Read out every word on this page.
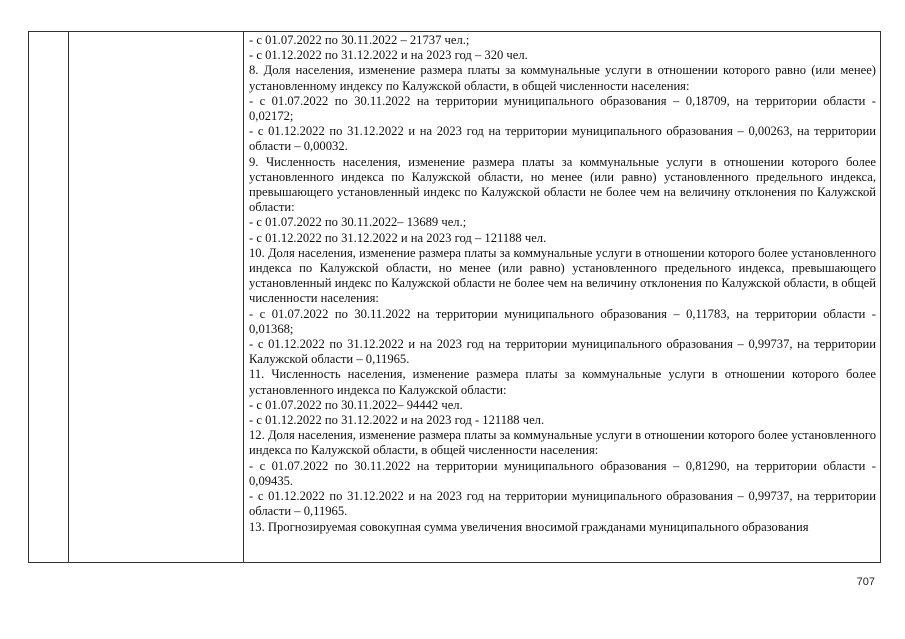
- с 01.07.2022 по 30.11.2022 – 21737 чел.;

- с 01.12.2022 по 31.12.2022 и на 2023 год – 320 чел.

8. Доля населения, изменение размера платы за коммунальные услуги в отношении которого равно (или менее) установленному индексу по Калужской области, в общей численности населения:

- с 01.07.2022 по 30.11.2022 на территории муниципального образования – 0,18709, на территории области - 0,02172;

- с 01.12.2022 по 31.12.2022 и на 2023 год на территории муниципального образования – 0,00263, на территории области – 0,00032.

9. Численность населения, изменение размера платы за коммунальные услуги в отношении которого более установленного индекса по Калужской области, но менее (или равно) установленного предельного индекса, превышающего установленный индекс по Калужской области не более чем на величину отклонения по Калужской области:

- с 01.07.2022 по 30.11.2022– 13689 чел.;

- с 01.12.2022 по 31.12.2022 и на 2023 год – 121188 чел.

10. Доля населения, изменение размера платы за коммунальные услуги в отношении которого более установленного индекса по Калужской области, но менее (или равно) установленного предельного индекса, превышающего установленный индекс по Калужской области не более чем на величину отклонения по Калужской области, в общей численности населения:

- с 01.07.2022 по 30.11.2022 на территории муниципального образования – 0,11783, на территории области - 0,01368;

- с 01.12.2022 по 31.12.2022 и на 2023 год на территории муниципального образования – 0,99737, на территории Калужской области – 0,11965.

11. Численность населения, изменение размера платы за коммунальные услуги в отношении которого более установленного индекса по Калужской области:

- с 01.07.2022 по 30.11.2022– 94442 чел.

- с 01.12.2022 по 31.12.2022 и на 2023 год - 121188 чел.

12. Доля населения, изменение размера платы за коммунальные услуги в отношении которого более установленного индекса по Калужской области, в общей численности населения:

- с 01.07.2022 по 30.11.2022 на территории муниципального образования – 0,81290, на территории области - 0,09435.

- с 01.12.2022 по 31.12.2022 и на 2023 год на территории муниципального образования – 0,99737, на территории области – 0,11965.

13. Прогнозируемая совокупная сумма увеличения вносимой гражданами муниципального образования

707
